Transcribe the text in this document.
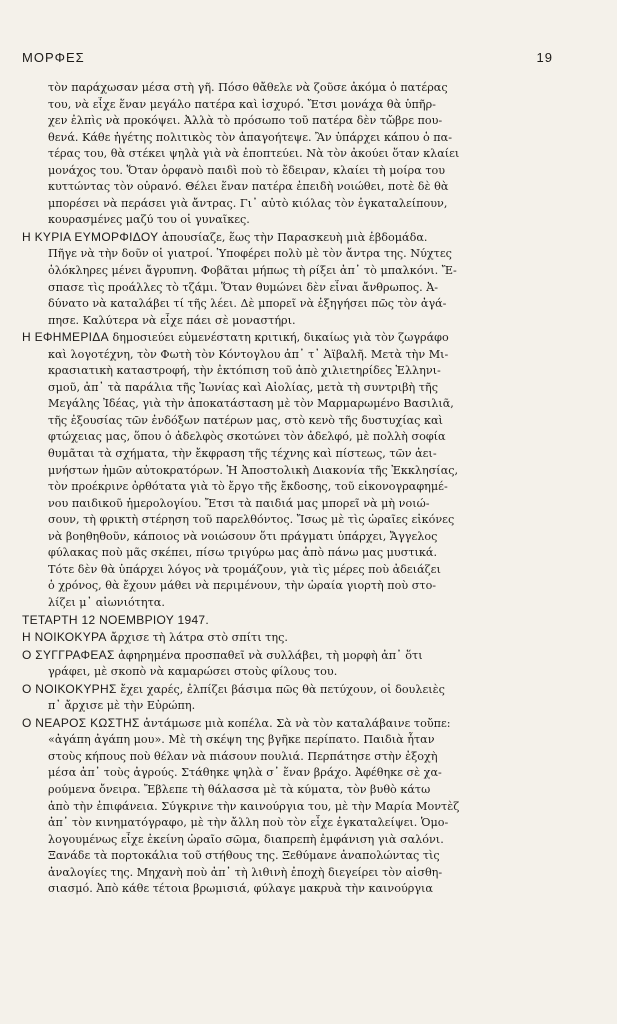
ΜΟΡΦΕΣ	19
τὸν παράχωσαν μέσα στὴ γῆ. Πόσο θἄθελε νὰ ζοῦσε ἀκόμα ὁ πατέρας
του, νὰ εἶχε ἕναν μεγάλο πατέρα καὶ ἰσχυρό. Ἔτσι μονάχα θὰ ὑπῆρ-
χεν ἐλπὶς νὰ προκόψει. Ἀλλὰ τὸ πρόσωπο τοῦ πατέρα δὲν τὤβρε που-
θενά. Κάθε ἡγέτης πολιτικὸς τὸν ἀπαγοήτεψε. Ἂν ὑπάρχει κάπου ὁ πα-
τέρας του, θὰ στέκει ψηλὰ γιὰ νὰ ἐποπτεύει. Νὰ τὸν ἀκούει ὅταν κλαίει
μονάχος του. Ὅταν ὀρφανὸ παιδὶ ποὺ τὸ ἔδειραν, κλαίει τὴ μοίρα του
κυττώντας τὸν οὐρανό. Θέλει ἕναν πατέρα ἐπειδὴ νοιώθει, ποτὲ δὲ θὰ
μπορέσει νὰ περάσει γιὰ ἄντρας. Γι᾽ αὐτὸ κιόλας τὸν ἐγκαταλείπουν,
κουρασμένες μαζύ του οἱ γυναῖκες.
Η ΚΥΡΙΑ ΕΥΜΟΡΦΙΔΟΥ ἀπουσίαζε, ἕως τὴν Παρασκευὴ μιὰ ἑβδομάδα.
Πῆγε νὰ τὴν δοῦν οἱ γιατροί. Ὑποφέρει πολὺ μὲ τὸν ἄντρα της. Νύχτες
ὁλόκληρες μένει ἄγρυπνη. Φοβᾶται μήπως τὴ ρίξει ἀπ᾽ τὸ μπαλκόνι. Ἔ-
σπασε τὶς προάλλες τὸ τζάμι. Ὅταν θυμώνει δὲν εἶναι ἄνθρωπος. Ἀ-
δύνατο νὰ καταλάβει τί τῆς λέει. Δὲ μπορεῖ νὰ ἐξηγήσει πῶς τὸν ἀγά-
πησε. Καλύτερα νὰ εἶχε πάει σὲ μοναστήρι.
Η ΕΦΗΜΕΡΙΔΑ δημοσιεύει εὐμενέστατη κριτική, δικαίως γιὰ τὸν ζωγράφο
καὶ λογοτέχνη, τὸν Φωτὴ τὸν Κόντογλου ἀπ᾽ τ᾽ Ἀϊβαλῆ. Μετὰ τὴν Μι-
κρασιατικὴ καταστροφή, τὴν ἐκτόπιση τοῦ ἀπὸ χιλιετηρίδες Ἑλληνι-
σμοῦ, ἀπ᾽ τὰ παράλια τῆς Ἰωνίας καὶ Αἰολίας, μετὰ τὴ συντριβὴ τῆς
Μεγάλης Ἰδέας, γιὰ τὴν ἀποκατάσταση μὲ τὸν Μαρμαρωμένο Βασιλιᾶ,
τῆς ἐξουσίας τῶν ἐνδόξων πατέρων μας, στὸ κενὸ τῆς δυστυχίας καὶ
φτώχειας μας, ὅπου ὁ ἀδελφὸς σκοτώνει τὸν ἀδελφό, μὲ πολλὴ σοφία
θυμᾶται τὰ σχήματα, τὴν ἔκφραση τῆς τέχνης καὶ πίστεως, τῶν ἀει-
μνήστων ἡμῶν αὐτοκρατόρων. Ἡ Ἀποστολικὴ Διακονία τῆς Ἐκκλησίας,
τὸν προέκρινε ὀρθότατα γιὰ τὸ ἔργο τῆς ἔκδοσης, τοῦ εἰκονογραφημέ-
νου παιδικοῦ ἡμερολογίου. Ἔτσι τὰ παιδιά μας μπορεῖ νὰ μὴ νοιώ-
σουν, τὴ φρικτὴ στέρηση τοῦ παρελθόντος. Ἴσως μὲ τὶς ὡραῖες εἰκόνες
νὰ βοηθηθοῦν, κάποιος νὰ νοιώσουν ὅτι πράγματι ὑπάρχει, Ἄγγελος
φύλακας ποὺ μᾶς σκέπει, πίσω τριγύρω μας ἀπὸ πάνω μας μυστικά.
Τότε δὲν θὰ ὑπάρχει λόγος νὰ τρομάζουν, γιὰ τὶς μέρες ποὺ ἀδειάζει
ὁ χρόνος, θὰ ἔχουν μάθει νὰ περιμένουν, τὴν ὡραία γιορτὴ ποὺ στο-
λίζει μ᾽ αἰωνιότητα.
ΤΕΤΑΡΤΗ 12 ΝΟΕΜΒΡΙΟΥ 1947.
Η ΝΟΙΚΟΚΥΡΑ ἄρχισε τὴ λάτρα στὸ σπίτι της.
Ο ΣΥΓΓΡΑΦΕΑΣ ἀφηρημένα προσπαθεῖ νὰ συλλάβει, τὴ μορφὴ ἀπ᾽ ὅτι
γράφει, μὲ σκοπὸ νὰ καμαρώσει στοὺς φίλους του.
Ο ΝΟΙΚΟΚΥΡΗΣ ἔχει χαρές, ἐλπίζει βάσιμα πῶς θὰ πετύχουν, οἱ δουλειὲς
π᾽ ἄρχισε μὲ τὴν Εὐρώπη.
Ο ΝΕΑΡΟΣ ΚΩΣΤΗΣ ἀντάμωσε μιὰ κοπέλα. Σὰ νὰ τὸν καταλάβαινε τοὔπε:
«ἀγάπη ἀγάπη μου». Μὲ τὴ σκέψη της βγῆκε περίπατο. Παιδιὰ ἦταν
στοὺς κήπους ποὺ θέλαν νὰ πιάσουν πουλιά. Περπάτησε στὴν ἐξοχὴ
μέσα ἀπ᾽ τοὺς ἀγρούς. Στάθηκε ψηλὰ σ᾽ ἕναν βράχο. Ἀφέθηκε σὲ χα-
ρούμενα ὄνειρα. Ἔβλεπε τὴ θάλασσα μὲ τὰ κύματα, τὸν βυθὸ κάτω
ἀπὸ τὴν ἐπιφάνεια. Σύγκρινε τὴν καινούργια του, μὲ τὴν Μαρία Μοντὲζ
ἀπ᾽ τὸν κινηματόγραφο, μὲ τὴν ἄλλη ποὺ τὸν εἶχε ἐγκαταλείψει. Ὁμο-
λογουμένως εἶχε ἐκείνη ὡραῖο σῶμα, διαπρεπὴ ἐμφάνιση γιὰ σαλόνι.
Ξανάδε τὰ πορτοκάλια τοῦ στήθους της. Ξεθύμανε ἀναπολώντας τὶς
ἀναλογίες της. Μηχανὴ ποὺ ἀπ᾽ τὴ λιθινὴ ἐποχὴ διεγείρει τὸν αἰσθη-
σιασμό. Ἀπὸ κάθε τέτοια βρωμισιά, φύλαγε μακρυὰ τὴν καινούργια
